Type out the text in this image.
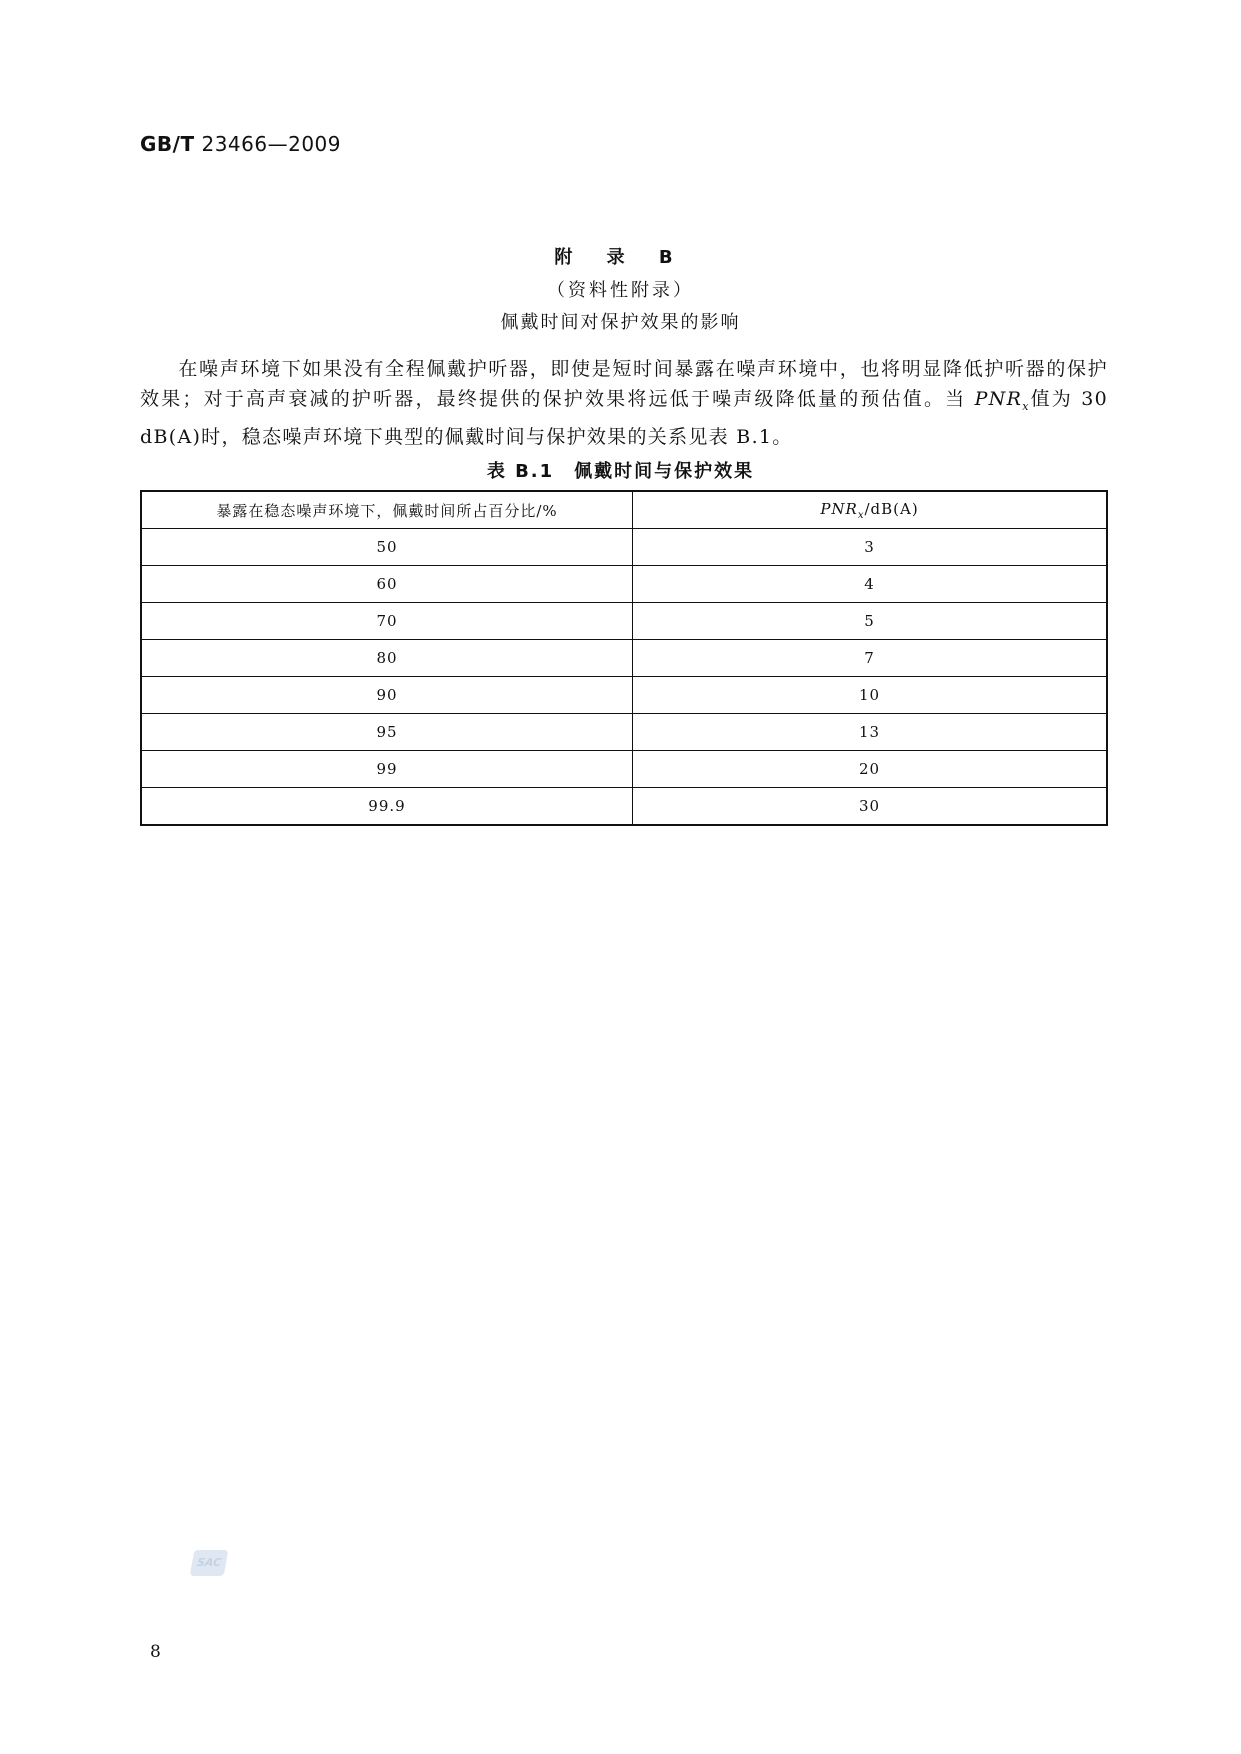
GB/T 23466—2009
附 录 B
（资料性附录）
佩戴时间对保护效果的影响
在噪声环境下如果没有全程佩戴护听器，即使是短时间暴露在噪声环境中，也将明显降低护听器的保护效果；对于高声衰减的护听器，最终提供的保护效果将远低于噪声级降低量的预估值。当 $PNR_x$值为 30 dB(A)时，稳态噪声环境下典型的佩戴时间与保护效果的关系见表 B.1。
表 B.1　佩戴时间与保护效果
暴露在稳态噪声环境下，佩戴时间所占百分比/%	$PNR_x/dB(A)$
50	3
60	4
70	5
80	7
90	10
95	13
99	20
99.9	30
SAC
8
